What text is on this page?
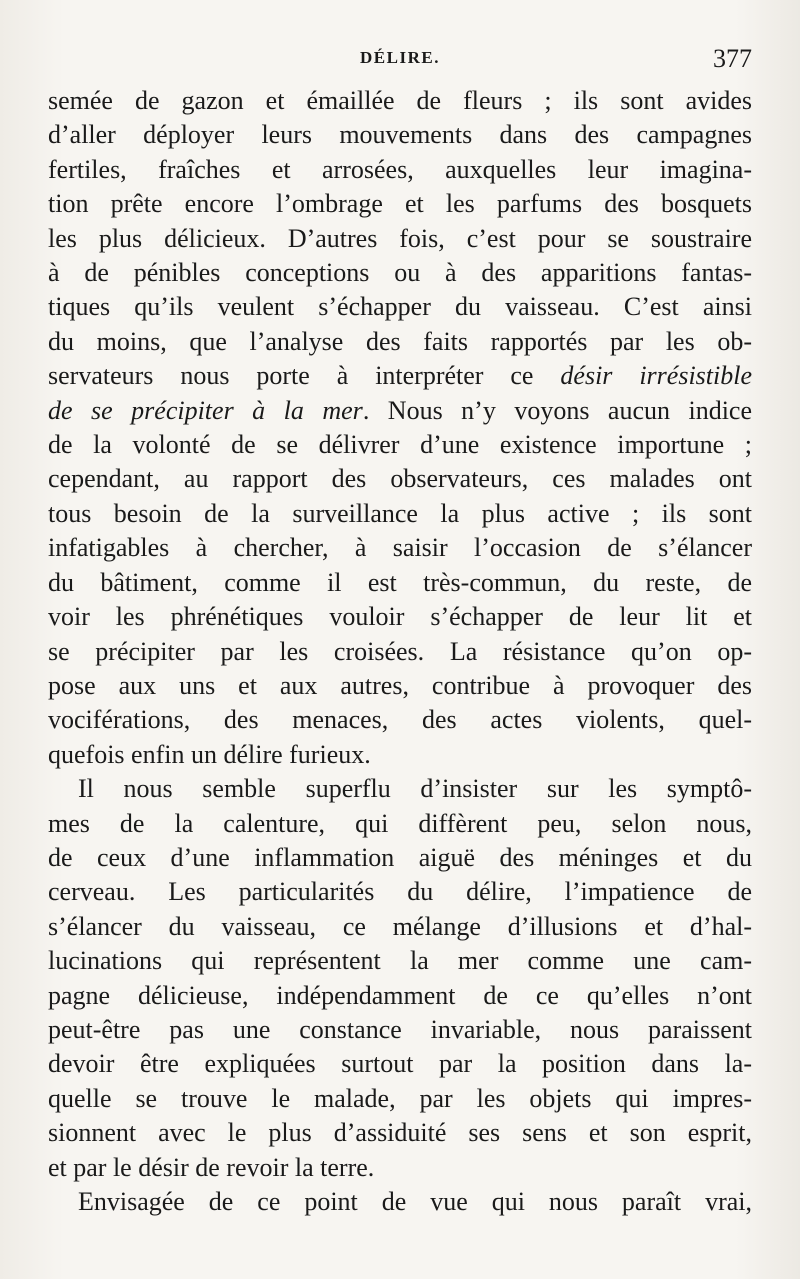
DÉLIRE.	377
semée de gazon et émaillée de fleurs ; ils sont avides
d’aller déployer leurs mouvements dans des campagnes
fertiles, fraîches et arrosées, auxquelles leur imagina-
tion prête encore l’ombrage et les parfums des bosquets
les plus délicieux. D’autres fois, c’est pour se soustraire
à de pénibles conceptions ou à des apparitions fantas-
tiques qu’ils veulent s’échapper du vaisseau. C’est ainsi
du moins, que l’analyse des faits rapportés par les ob-
servateurs nous porte à interpréter ce désir irrésistible
de se précipiter à la mer. Nous n’y voyons aucun indice
de la volonté de se délivrer d’une existence importune ;
cependant, au rapport des observateurs, ces malades ont
tous besoin de la surveillance la plus active ; ils sont
infatigables à chercher, à saisir l’occasion de s’élancer
du bâtiment, comme il est très-commun, du reste, de
voir les phrénétiques vouloir s’échapper de leur lit et
se précipiter par les croisées. La résistance qu’on op-
pose aux uns et aux autres, contribue à provoquer des
vociférations, des menaces, des actes violents, quel-
quefois enfin un délire furieux.
Il nous semble superflu d’insister sur les symptô-
mes de la calenture, qui diffèrent peu, selon nous,
de ceux d’une inflammation aiguë des méninges et du
cerveau. Les particularités du délire, l’impatience de
s’élancer du vaisseau, ce mélange d’illusions et d’hal-
lucinations qui représentent la mer comme une cam-
pagne délicieuse, indépendamment de ce qu’elles n’ont
peut-être pas une constance invariable, nous paraissent
devoir être expliquées surtout par la position dans la-
quelle se trouve le malade, par les objets qui impres-
sionnent avec le plus d’assiduité ses sens et son esprit,
et par le désir de revoir la terre.
Envisagée de ce point de vue qui nous paraît vrai,
